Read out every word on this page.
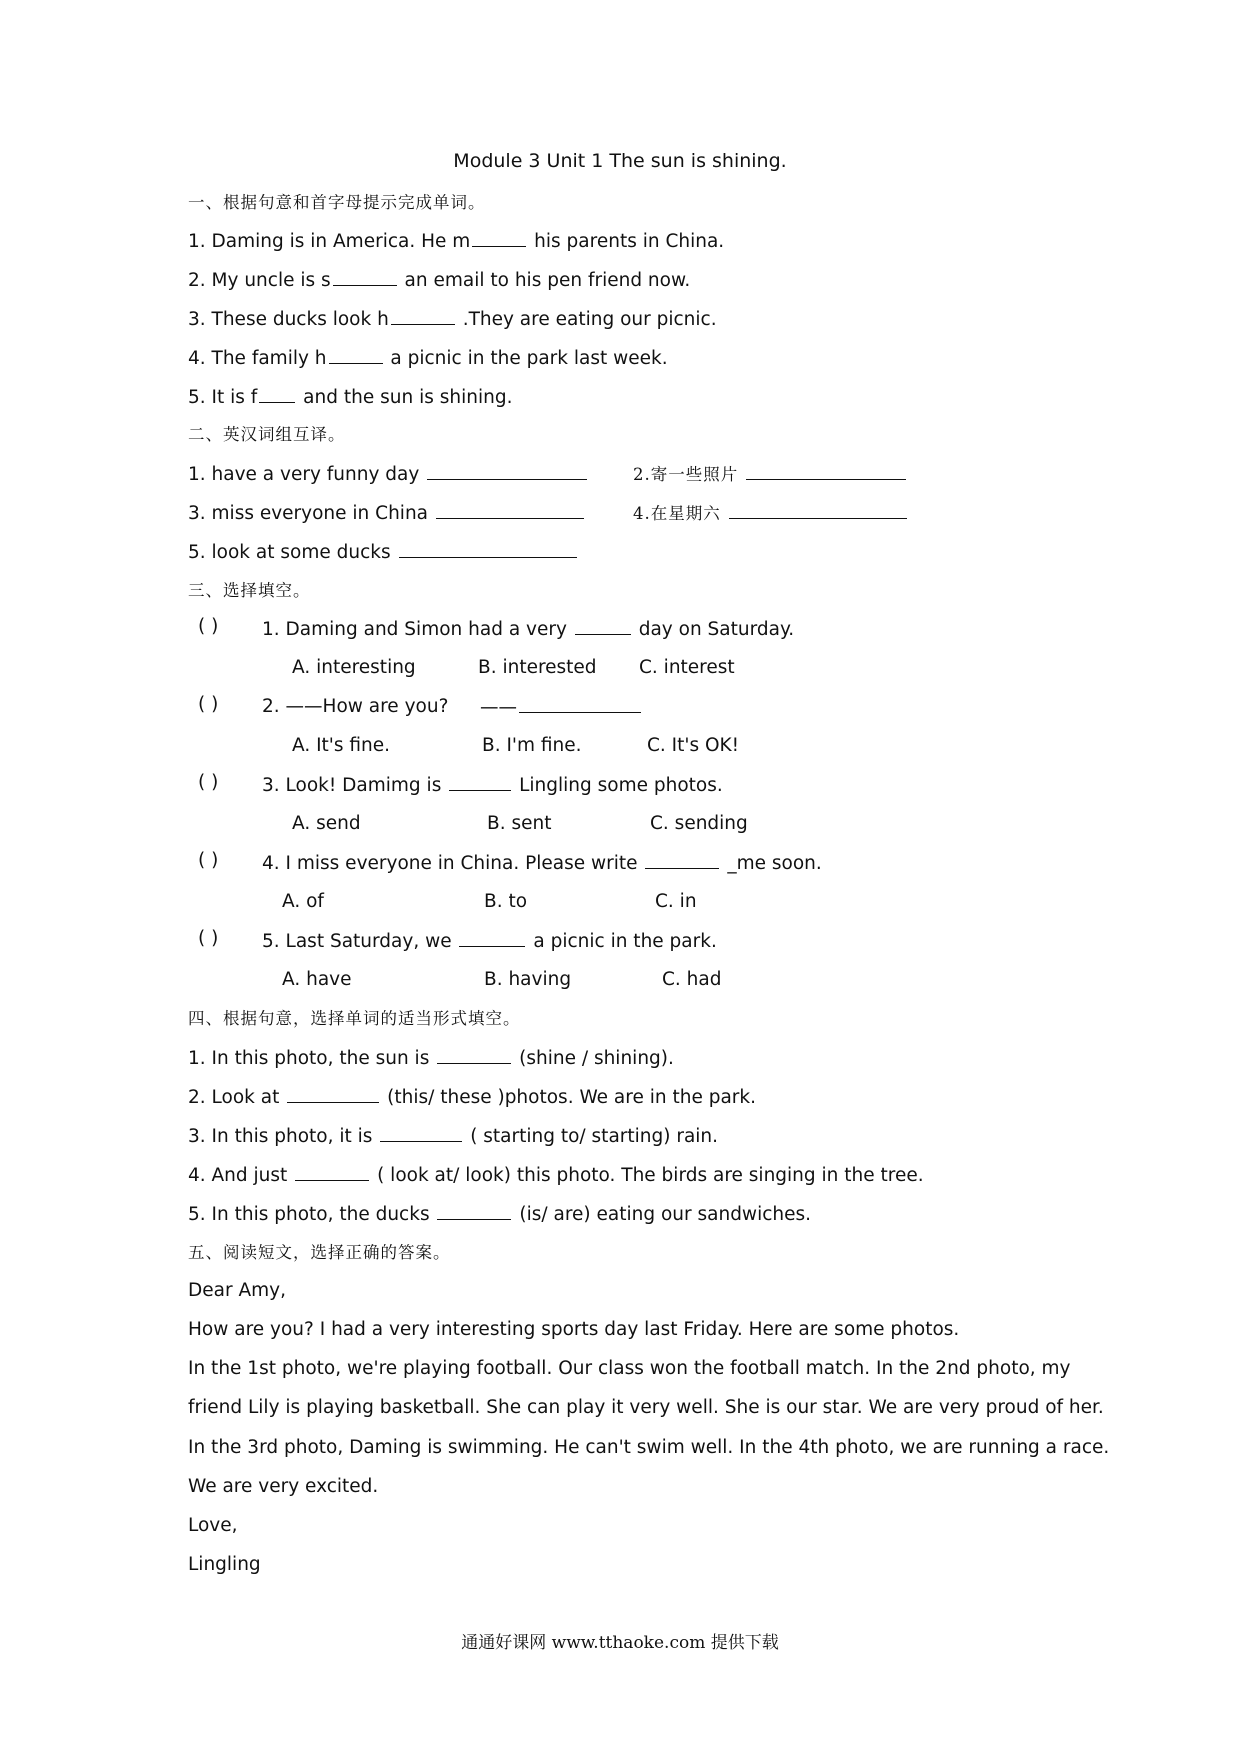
Module 3 Unit 1 The sun is shining.
一、根据句意和首字母提示完成单词。
1. Daming is in America. He m	his parents in China.
2. My uncle is s	an email to his pen friend now.
3. These ducks look h	.They are eating our picnic.
4. The family h	a picnic in the park last week.
5. It is f and the sun is shining.
二、英汉词组互译。
1. have a very funny day	2.寄一些照片
3. miss everyone in China	4.在星期六
5. look at some ducks
三、选择填空。
( ) 1. Daming and Simon had a very	day on Saturday.
A. interesting	B. interested C. interest
( ) 2. ——How are you? ——
A. It's fine.	B. I'm fine.	C. It's OK!
( ) 3. Look! Damimg is	Lingling some photos.
A. send	B. sent	C. sending
( ) 4. I miss everyone in China. Please write	_me soon.
A. of	B. to	C. in
( ) 5. Last Saturday, we	a picnic in the park.
A. have	B. having	C. had
四、根据句意，选择单词的适当形式填空。
1. In this photo, the sun is	(shine / shining).
2. Look at	(this/ these )photos. We are in the park.
3. In this photo, it is	( starting to/ starting) rain.
4. And just	( look at/ look) this photo. The birds are singing in the tree.
5. In this photo, the ducks	(is/ are) eating our sandwiches.
五、阅读短文，选择正确的答案。
Dear Amy,
How are you? I had a very interesting sports day last Friday. Here are some photos.
In the 1st photo, we're playing football. Our class won the football match. In the 2nd photo, my
friend Lily is playing basketball. She can play it very well. She is our star. We are very proud of her.
In the 3rd photo, Daming is swimming. He can't swim well. In the 4th photo, we are running a race.
We are very excited.
Love,
Lingling
通通好课网 www.tthaoke.com 提供下载
